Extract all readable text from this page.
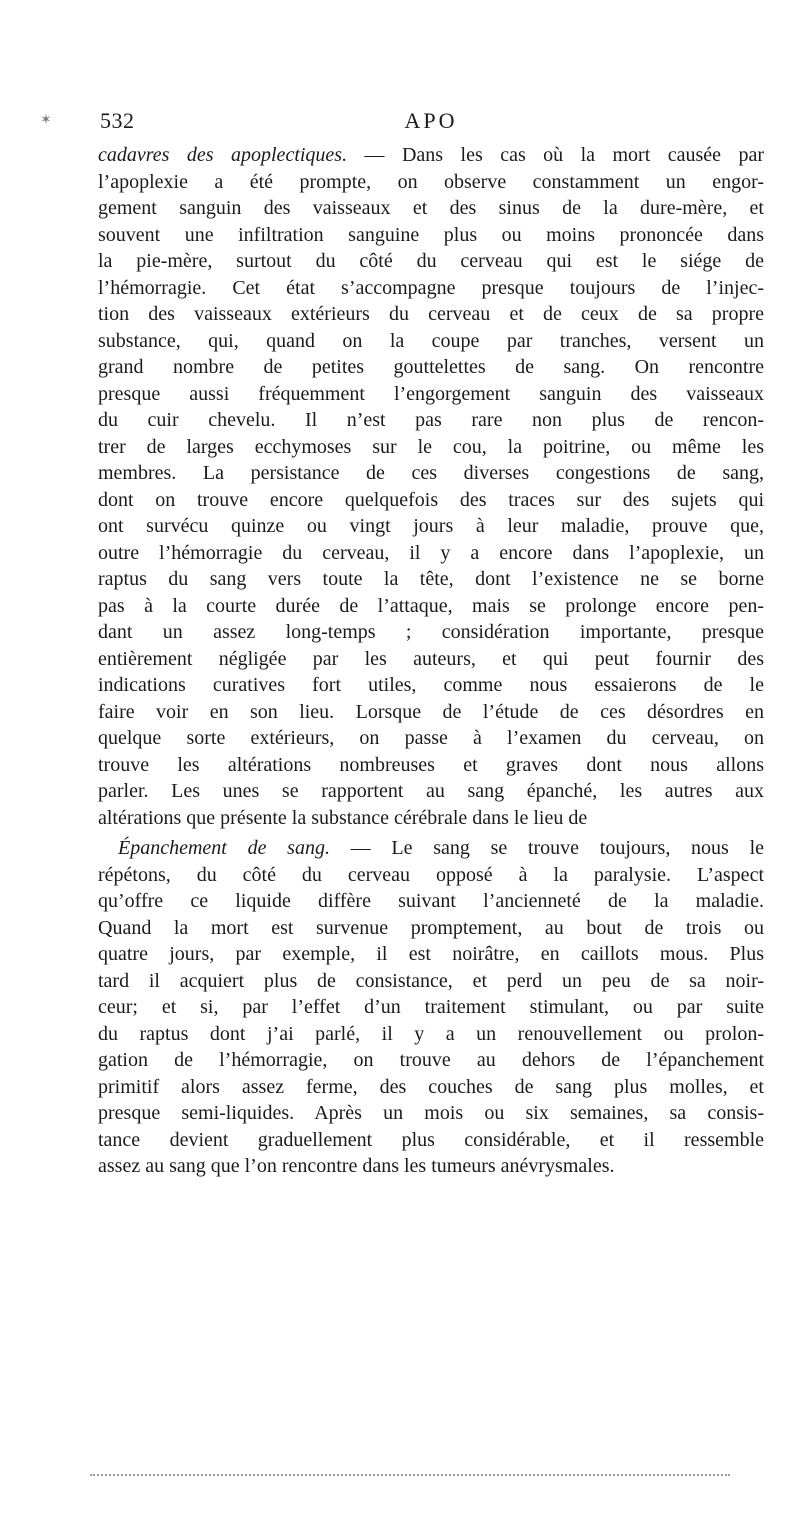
✶ 532	APO
cadavres des apoplectiques. — Dans les cas où la mort causée par
l’apoplexie a été prompte, on observe constamment un engor-
gement sanguin des vaisseaux et des sinus de la dure-mère, et
souvent une infiltration sanguine plus ou moins prononcée dans
la pie-mère, surtout du côté du cerveau qui est le siége de
l’hémorragie. Cet état s’accompagne presque toujours de l’injec-
tion des vaisseaux extérieurs du cerveau et de ceux de sa propre
substance, qui, quand on la coupe par tranches, versent un
grand nombre de petites gouttelettes de sang. On rencontre
presque aussi fréquemment l’engorgement sanguin des vaisseaux
du cuir chevelu. Il n’est pas rare non plus de rencon-
trer de larges ecchymoses sur le cou, la poitrine, ou même les
membres. La persistance de ces diverses congestions de sang,
dont on trouve encore quelquefois des traces sur des sujets qui
ont survécu quinze ou vingt jours à leur maladie, prouve que,
outre l’hémorragie du cerveau, il y a encore dans l’apoplexie, un
raptus du sang vers toute la tête, dont l’existence ne se borne
pas à la courte durée de l’attaque, mais se prolonge encore pen-
dant un assez long-temps ; considération importante, presque
entièrement négligée par les auteurs, et qui peut fournir des
indications curatives fort utiles, comme nous essaierons de le
faire voir en son lieu. Lorsque de l’étude de ces désordres en
quelque sorte extérieurs, on passe à l’examen du cerveau, on
trouve les altérations nombreuses et graves dont nous allons
parler. Les unes se rapportent au sang épanché, les autres aux
altérations que présente la substance cérébrale dans le lieu de
 Épanchement de sang. — Le sang se trouve toujours, nous le
répétons, du côté du cerveau opposé à la paralysie. L’aspect
qu’offre ce liquide diffère suivant l’ancienneté de la maladie.
Quand la mort est survenue promptement, au bout de trois ou
quatre jours, par exemple, il est noirâtre, en caillots mous. Plus
tard il acquiert plus de consistance, et perd un peu de sa noir-
ceur; et si, par l’effet d’un traitement stimulant, ou par suite
du raptus dont j’ai parlé, il y a un renouvellement ou prolon-
gation de l’hémorragie, on trouve au dehors de l’épanchement
primitif alors assez ferme, des couches de sang plus molles, et
presque semi-liquides. Après un mois ou six semaines, sa consis-
tance devient graduellement plus considérable, et il ressemble
assez au sang que l’on rencontre dans les tumeurs anévrysmales.
